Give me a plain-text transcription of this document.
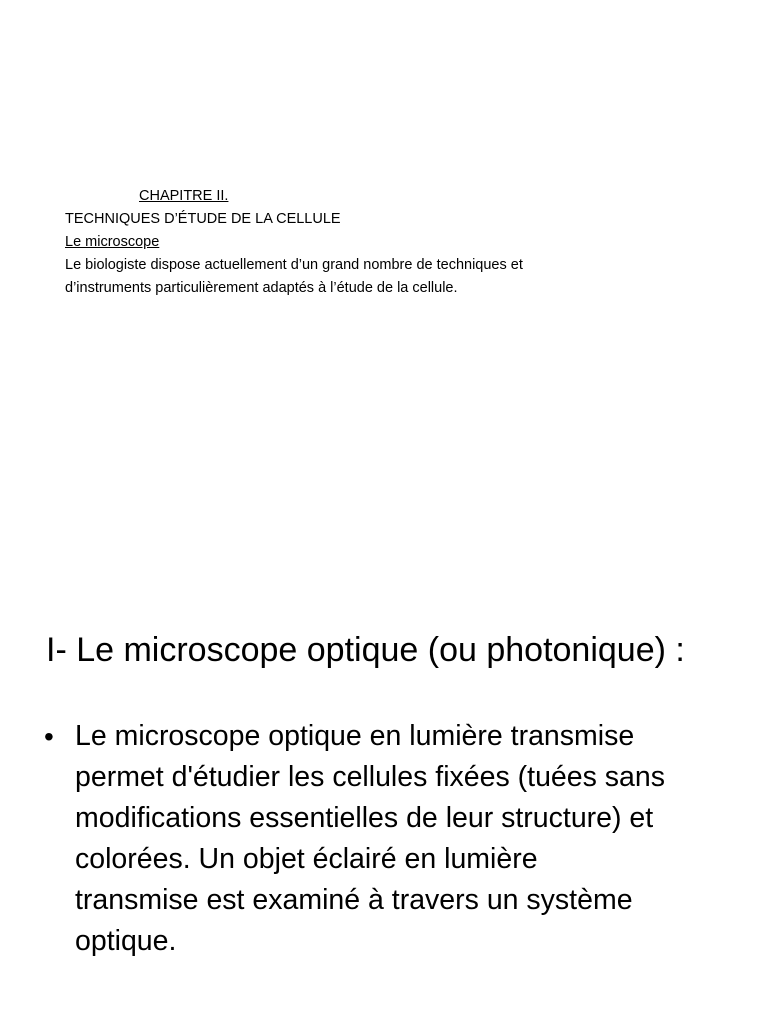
CHAPITRE II.
TECHNIQUES D’ÉTUDE DE LA CELLULE
Le microscope
Le biologiste dispose actuellement d’un grand nombre de techniques et
d’instruments particulièrement adaptés à l’étude de la cellule.
I- Le microscope optique (ou photonique) :
• Le microscope optique en lumière transmise
permet d'étudier les cellules fixées (tuées sans
modifications essentielles de leur structure) et
colorées. Un objet éclairé en lumière
transmise est examiné à travers un système
optique.
